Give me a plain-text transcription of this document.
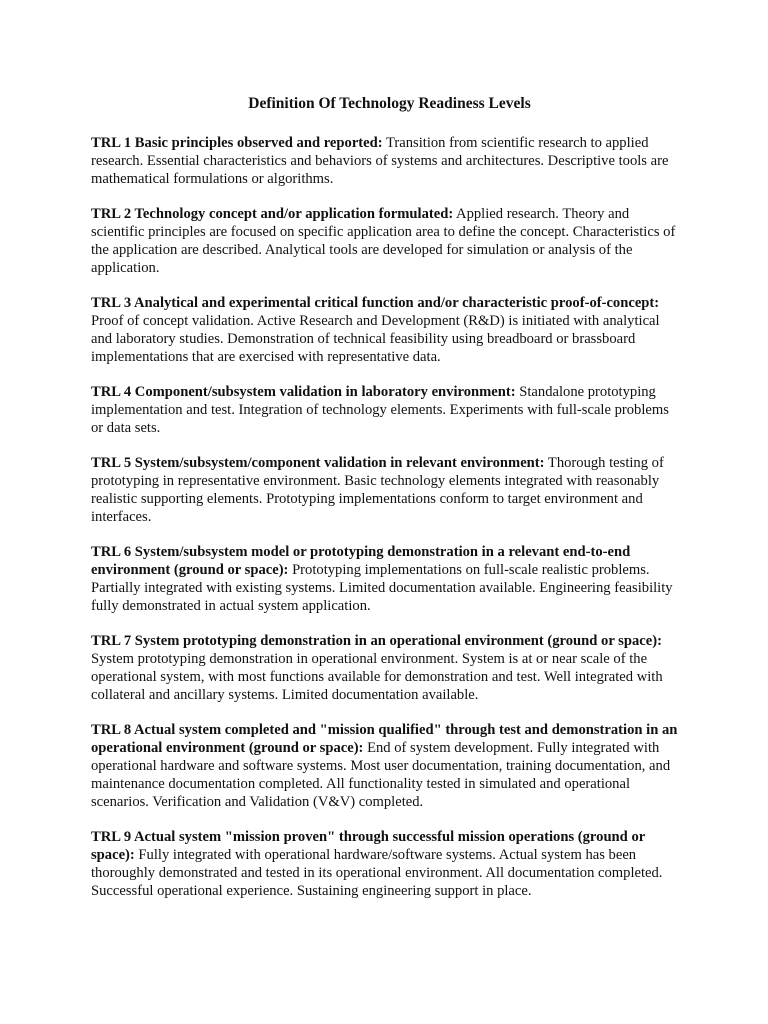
Definition Of Technology Readiness Levels

TRL 1 Basic principles observed and reported: Transition from scientific research to applied research. Essential characteristics and behaviors of systems and architectures. Descriptive tools are mathematical formulations or algorithms.

TRL 2 Technology concept and/or application formulated: Applied research. Theory and scientific principles are focused on specific application area to define the concept. Characteristics of the application are described. Analytical tools are developed for simulation or analysis of the application.

TRL 3 Analytical and experimental critical function and/or characteristic proof-of-concept: Proof of concept validation. Active Research and Development (R&D) is initiated with analytical and laboratory studies. Demonstration of technical feasibility using breadboard or brassboard implementations that are exercised with representative data.

TRL 4 Component/subsystem validation in laboratory environment: Standalone prototyping implementation and test. Integration of technology elements. Experiments with full-scale problems or data sets.

TRL 5 System/subsystem/component validation in relevant environment: Thorough testing of prototyping in representative environment. Basic technology elements integrated with reasonably realistic supporting elements. Prototyping implementations conform to target environment and interfaces.

TRL 6 System/subsystem model or prototyping demonstration in a relevant end-to-end environment (ground or space): Prototyping implementations on full-scale realistic problems. Partially integrated with existing systems. Limited documentation available. Engineering feasibility fully demonstrated in actual system application.

TRL 7 System prototyping demonstration in an operational environment (ground or space): System prototyping demonstration in operational environment. System is at or near scale of the operational system, with most functions available for demonstration and test. Well integrated with collateral and ancillary systems. Limited documentation available.

TRL 8 Actual system completed and "mission qualified" through test and demonstration in an operational environment (ground or space): End of system development. Fully integrated with operational hardware and software systems. Most user documentation, training documentation, and maintenance documentation completed. All functionality tested in simulated and operational scenarios. Verification and Validation (V&V) completed.

TRL 9 Actual system "mission proven" through successful mission operations (ground or space): Fully integrated with operational hardware/software systems. Actual system has been thoroughly demonstrated and tested in its operational environment. All documentation completed. Successful operational experience. Sustaining engineering support in place.
